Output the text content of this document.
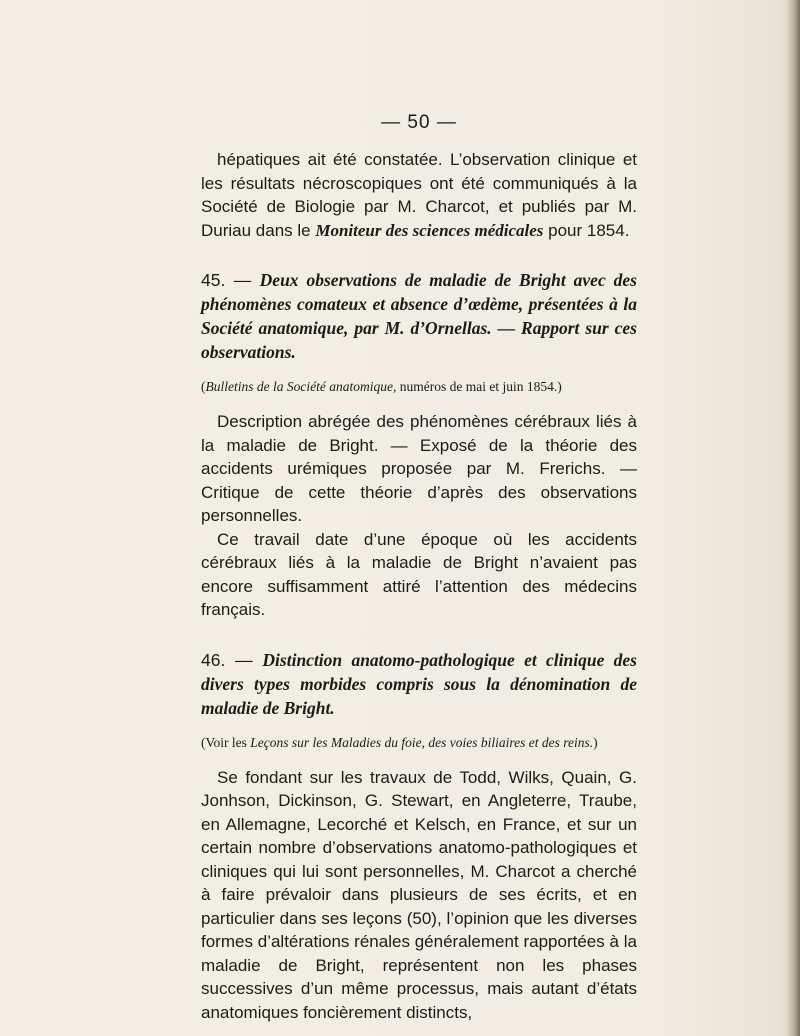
— 50 —

hépatiques ait été constatée. L’observation clinique et les résultats nécroscopiques ont été communiqués à la Société de Biologie par M. Charcot, et publiés par M. Duriau dans le Moniteur des sciences médicales pour 1854.

45. — Deux observations de maladie de Bright avec des phénomènes comateux et absence d’œdème, présentées à la Société anatomique, par M. d’Ornellas. — Rapport sur ces observations.
(Bulletins de la Société anatomique, numéros de mai et juin 1854.)

Description abrégée des phénomènes cérébraux liés à la maladie de Bright. — Exposé de la théorie des accidents urémiques proposée par M. Frerichs. — Critique de cette théorie d’après des observations personnelles.

Ce travail date d’une époque où les accidents cérébraux liés à la maladie de Bright n’avaient pas encore suffisamment attiré l’attention des médecins français.

46. — Distinction anatomo-pathologique et clinique des divers types morbides compris sous la dénomination de maladie de Bright.
(Voir les Leçons sur les Maladies du foie, des voies biliaires et des reins.)

Se fondant sur les travaux de Todd, Wilks, Quain, G. Jonhson, Dickinson, G. Stewart, en Angleterre, Traube, en Allemagne, Lecorché et Kelsch, en France, et sur un certain nombre d’observations anatomo-pathologiques et cliniques qui lui sont personnelles, M. Charcot a cherché à faire prévaloir dans plusieurs de ses écrits, et en particulier dans ses leçons (50), l’opinion que les diverses formes d’altérations rénales généralement rapportées à la maladie de Bright, représentent non les phases successives d’un même processus, mais autant d’états anatomiques foncièrement distincts,
